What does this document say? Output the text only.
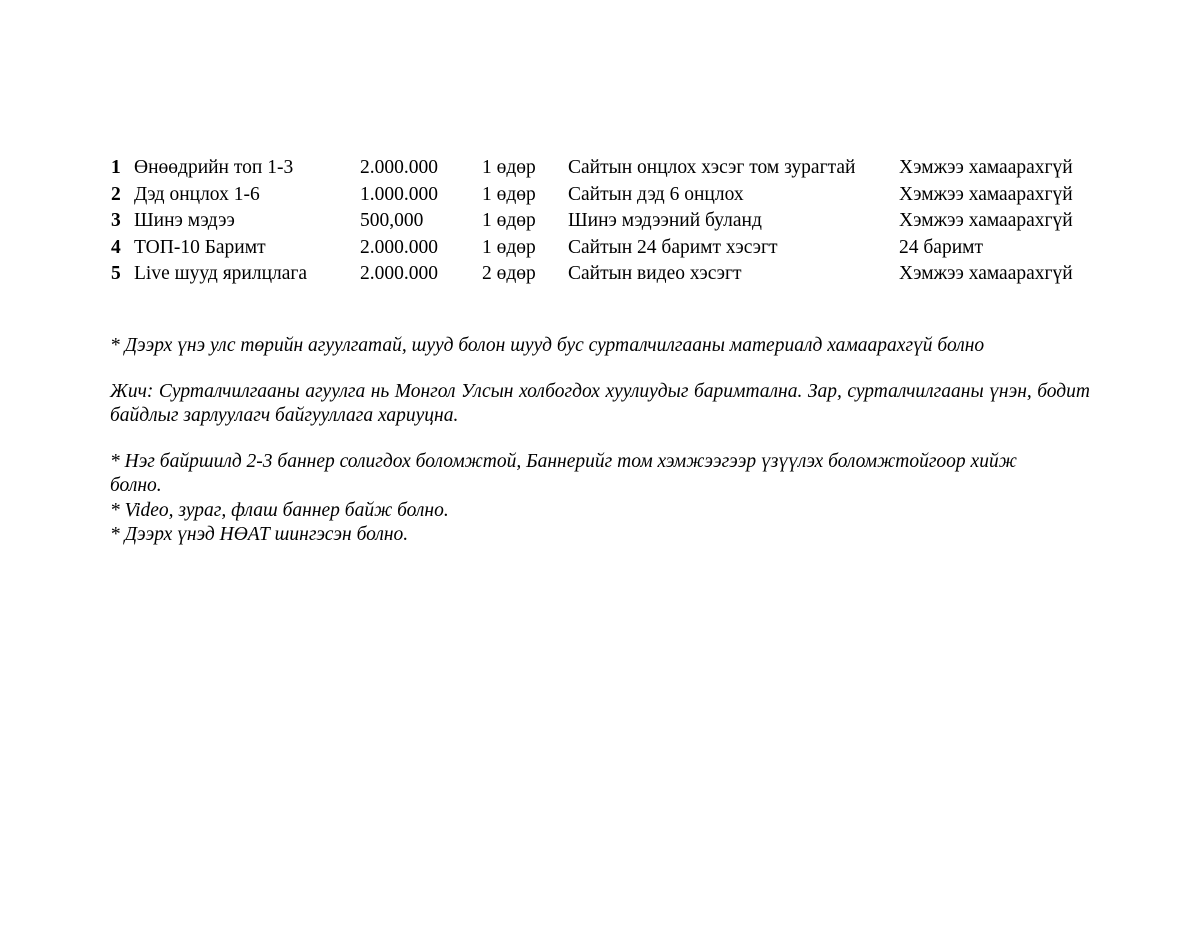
1	Өнөөдрийн топ 1-3	2.000.000	1 өдөр	Сайтын онцлох хэсэг том зурагтай	Хэмжээ хамаарахгүй
2	Дэд онцлох 1-6	1.000.000	1 өдөр	Сайтын дэд 6 онцлох	Хэмжээ хамаарахгүй
3	Шинэ мэдээ	500,000	1 өдөр	Шинэ мэдээний буланд	Хэмжээ хамаарахгүй
4	ТОП-10 Баримт	2.000.000	1 өдөр	Сайтын 24 баримт хэсэгт	24 баримт
5	Live шууд ярилцлага	2.000.000	2 өдөр	Сайтын видео хэсэгт	Хэмжээ хамаарахгүй

* Дээрх үнэ улс төрийн агуулгатай, шууд болон шууд бус сурталчилгааны материалд хамаарахгүй болно

Жич: Сурталчилгааны агуулга нь Монгол Улсын холбогдох хуулиудыг баримтална. Зар, сурталчилгааны үнэн, бодит байдлыг зарлуулагч байгууллага хариуцна.

* Нэг байршилд 2-3 баннер солигдох боломжтой, Баннерийг том хэмжээгээр үзүүлэх боломжтойгоор хийж болно.

* Video, зураг, флаш баннер байж болно.

* Дээрх үнэд НӨАТ шингэсэн болно.
